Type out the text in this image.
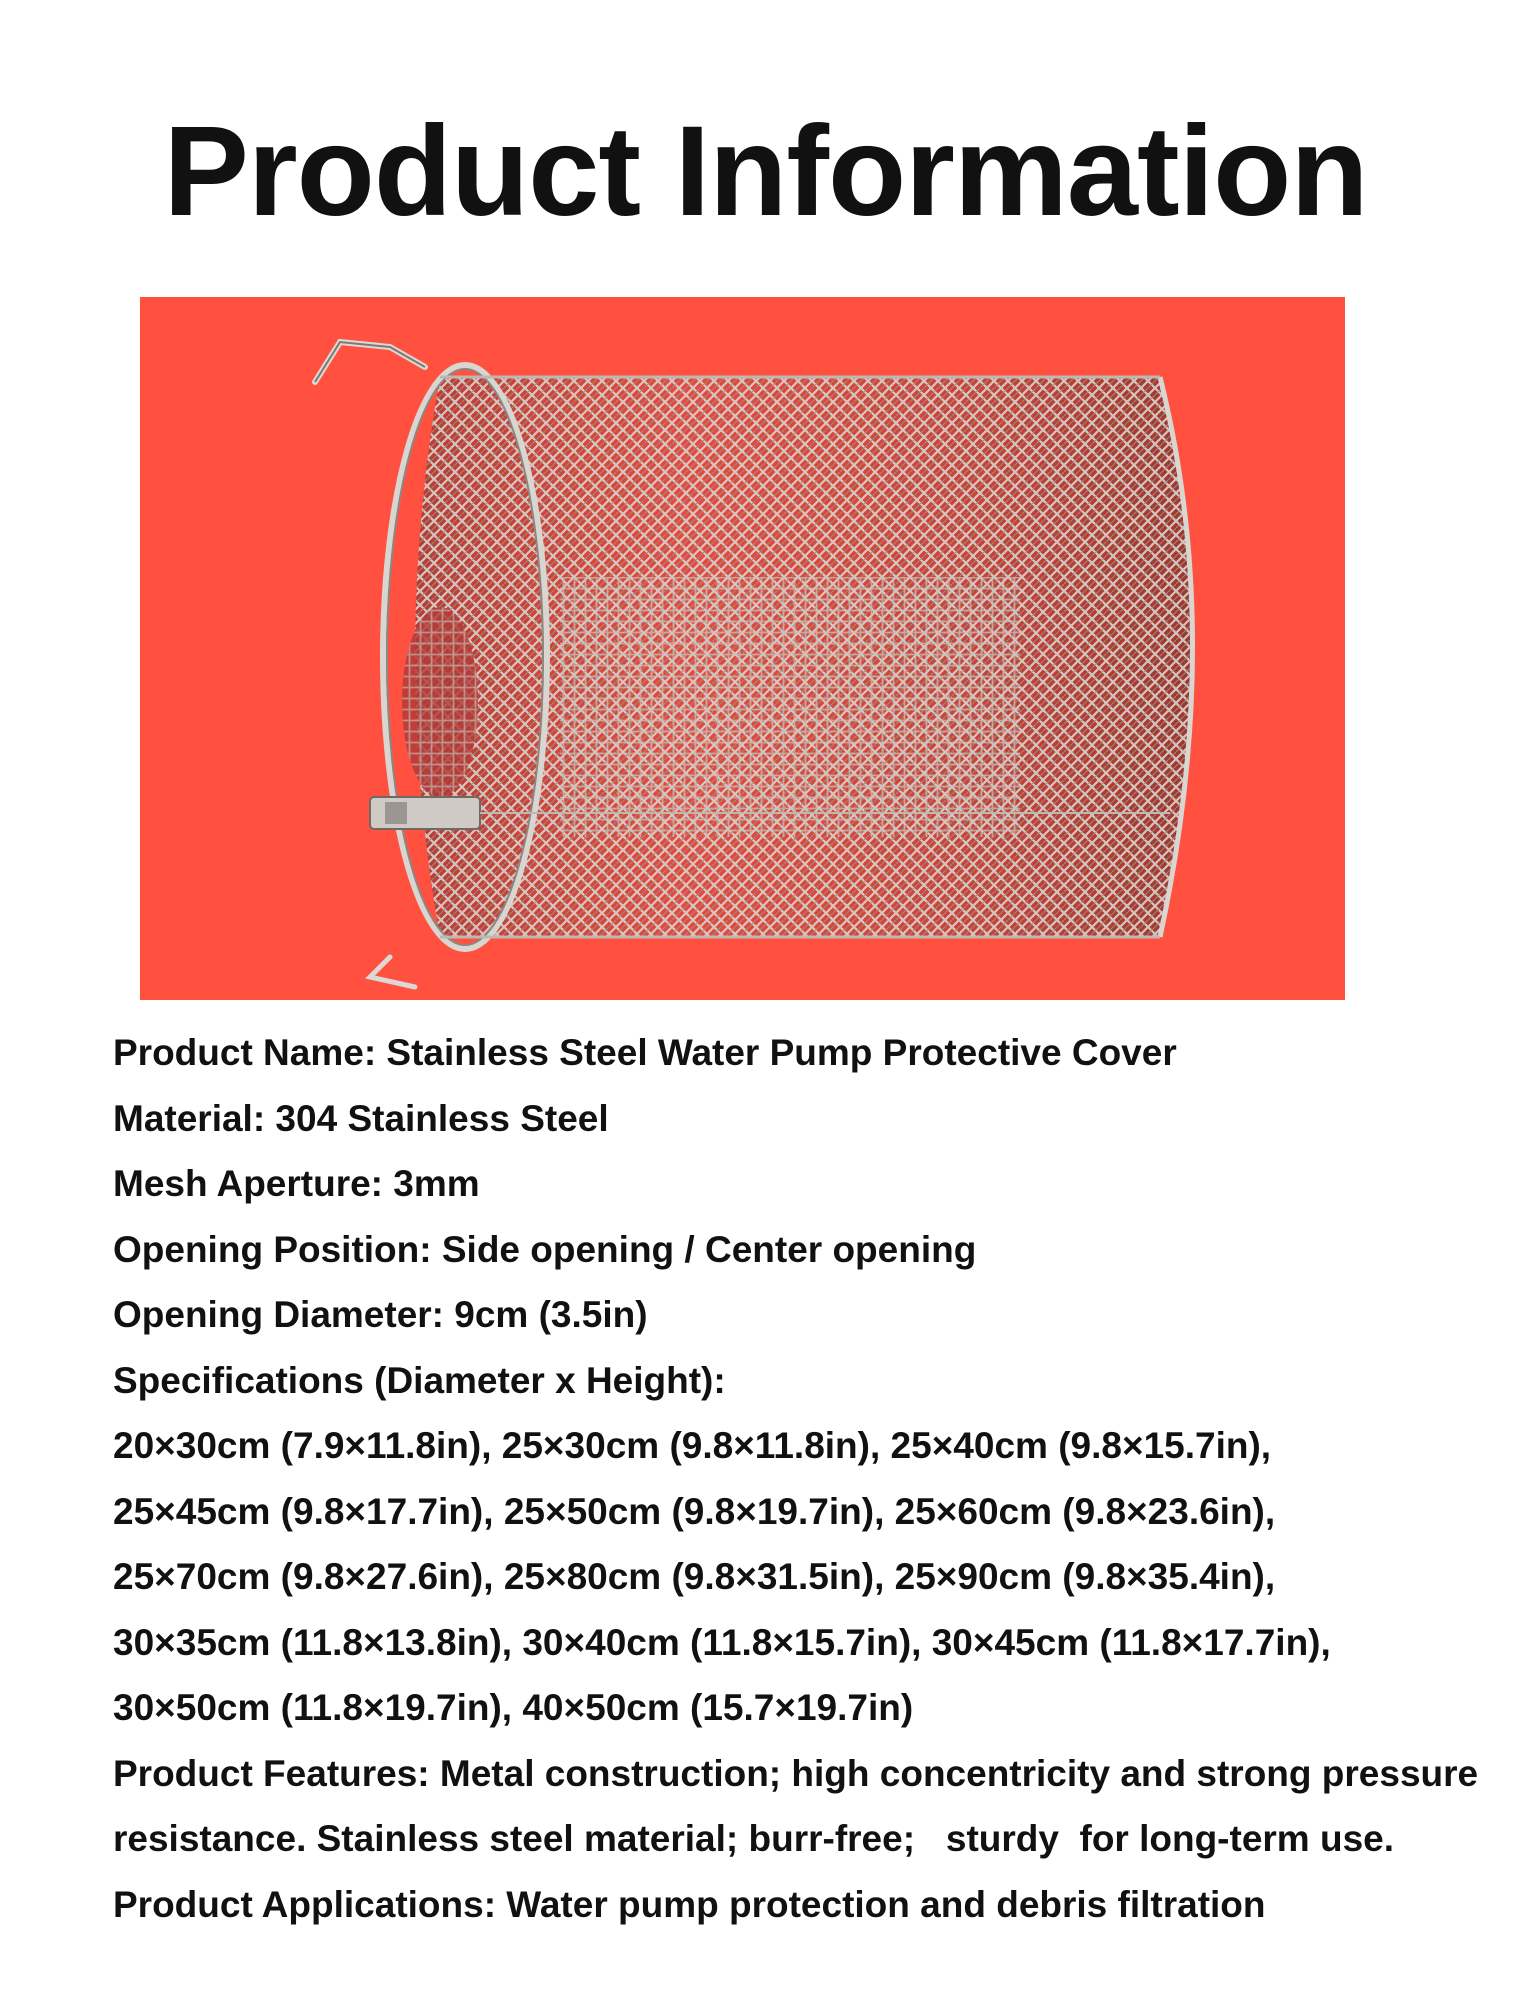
Product Information
Product Name: Stainless Steel Water Pump Protective Cover
Material: 304 Stainless Steel
Mesh Aperture: 3mm
Opening Position: Side opening / Center opening
Opening Diameter: 9cm (3.5in)
Specifications (Diameter x Height):
20×30cm (7.9×11.8in), 25×30cm (9.8×11.8in), 25×40cm (9.8×15.7in),
25×45cm (9.8×17.7in), 25×50cm (9.8×19.7in), 25×60cm (9.8×23.6in),
25×70cm (9.8×27.6in), 25×80cm (9.8×31.5in), 25×90cm (9.8×35.4in),
30×35cm (11.8×13.8in), 30×40cm (11.8×15.7in), 30×45cm (11.8×17.7in),
30×50cm (11.8×19.7in), 40×50cm (15.7×19.7in)
Product Features: Metal construction; high concentricity and strong pressure
resistance. Stainless steel material; burr-free;   sturdy  for long-term use.
Product Applications: Water pump protection and debris filtration
